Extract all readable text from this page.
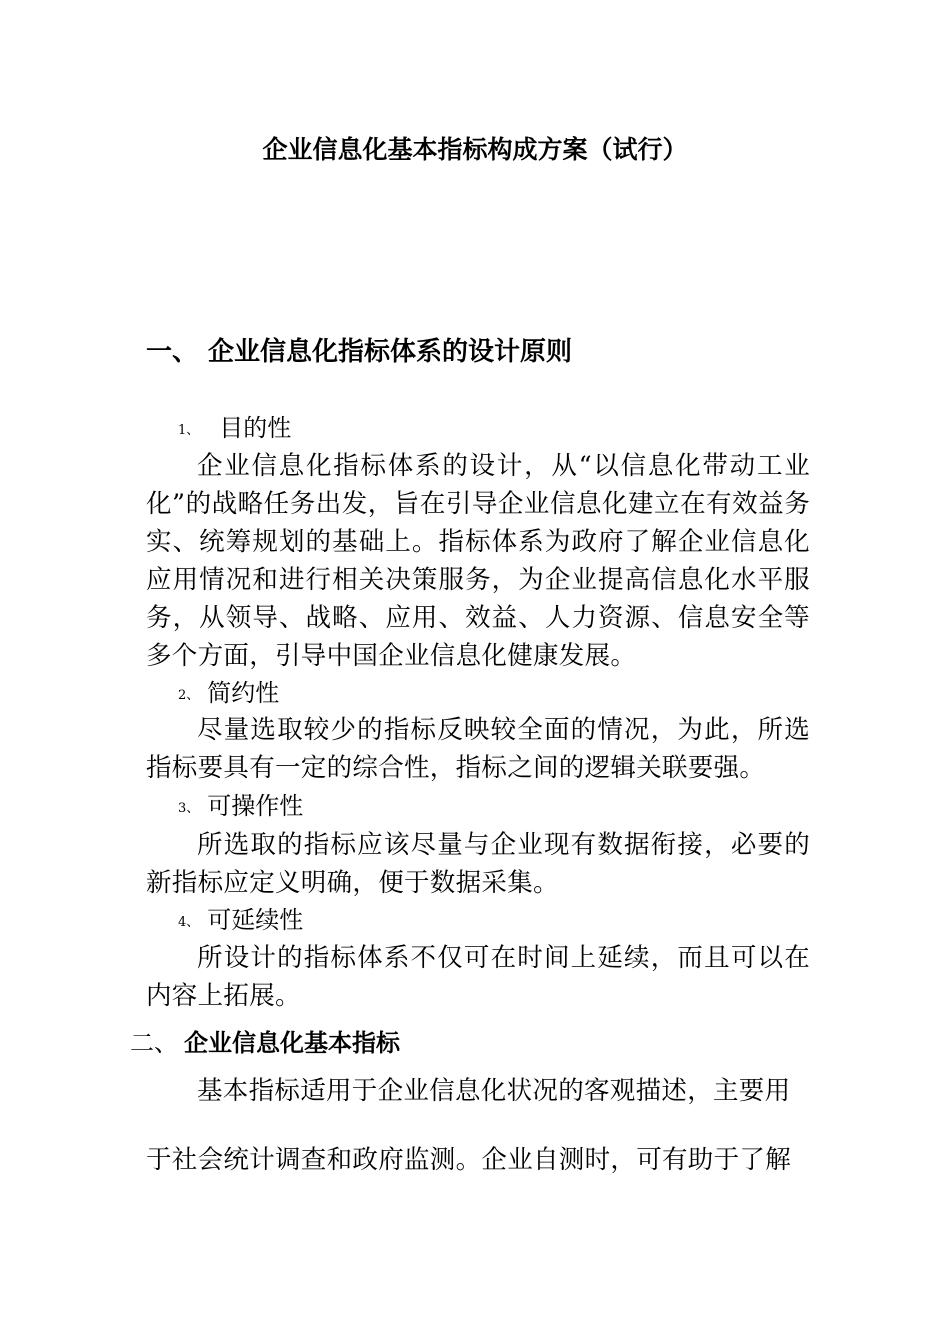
企业信息化基本指标构成方案（试行）
一、 企业信息化指标体系的设计原则
1、 目的性
企业信息化指标体系的设计，从“以信息化带动工业化”的战略任务出发，旨在引导企业信息化建立在有效益务实、统筹规划的基础上。指标体系为政府了解企业信息化应用情况和进行相关决策服务，为企业提高信息化水平服务，从领导、战略、应用、效益、人力资源、信息安全等多个方面，引导中国企业信息化健康发展。
2、 简约性
尽量选取较少的指标反映较全面的情况，为此，所选指标要具有一定的综合性，指标之间的逻辑关联要强。
3、 可操作性
所选取的指标应该尽量与企业现有数据衔接，必要的新指标应定义明确，便于数据采集。
4、 可延续性
所设计的指标体系不仅可在时间上延续，而且可以在内容上拓展。
二、 企业信息化基本指标
基本指标适用于企业信息化状况的客观描述，主要用
于社会统计调查和政府监测。企业自测时，可有助于了解
